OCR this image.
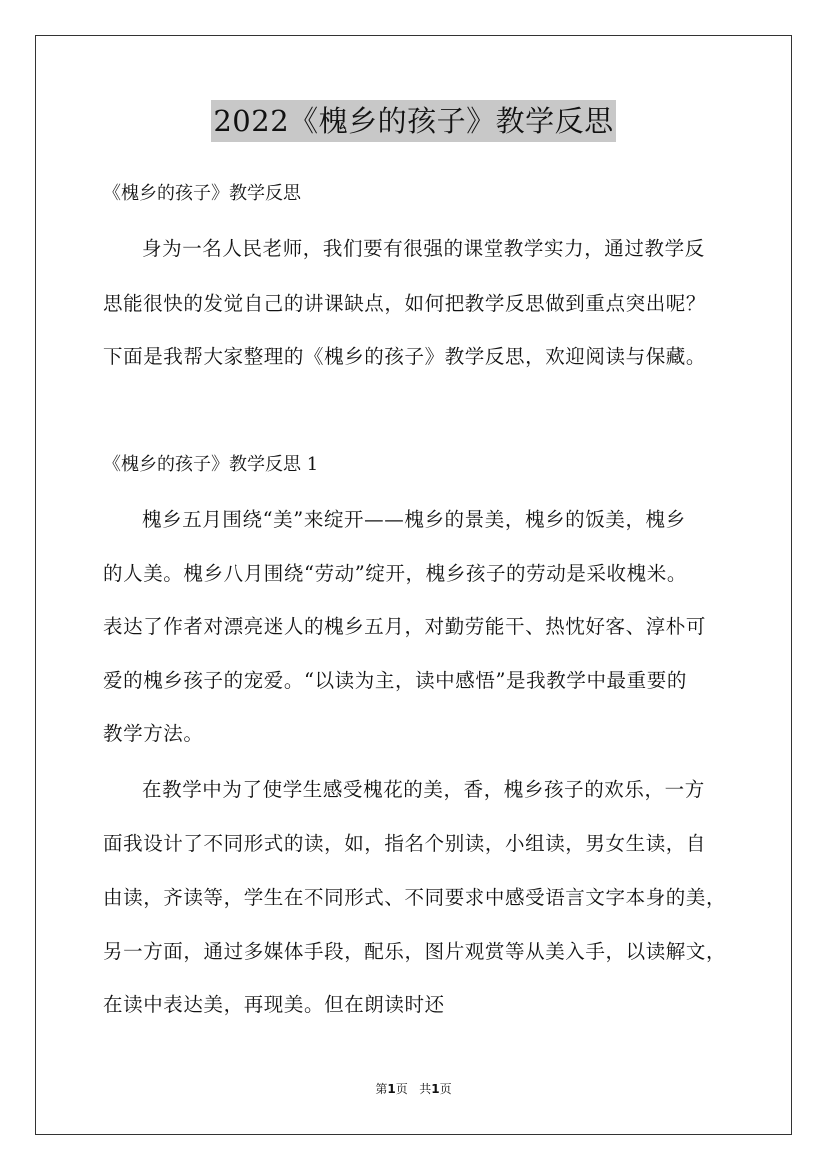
2022《槐乡的孩子》教学反思
《槐乡的孩子》教学反思
身为一名人民老师，我们要有很强的课堂教学实力，通过教学反
思能很快的发觉自己的讲课缺点，如何把教学反思做到重点突出呢？
下面是我帮大家整理的《槐乡的孩子》教学反思，欢迎阅读与保藏。
《槐乡的孩子》教学反思 1
槐乡五月围绕“美”来绽开——槐乡的景美，槐乡的饭美，槐乡
的人美。槐乡八月围绕“劳动”绽开，槐乡孩子的劳动是采收槐米。
表达了作者对漂亮迷人的槐乡五月，对勤劳能干、热忱好客、淳朴可
爱的槐乡孩子的宠爱。“以读为主，读中感悟”是我教学中最重要的
教学方法。
在教学中为了使学生感受槐花的美，香，槐乡孩子的欢乐，一方
面我设计了不同形式的读，如，指名个别读，小组读，男女生读，自
由读，齐读等，学生在不同形式、不同要求中感受语言文字本身的美，
另一方面，通过多媒体手段，配乐，图片观赏等从美入手，以读解文，
在读中表达美，再现美。但在朗读时还
第1页 共1页
